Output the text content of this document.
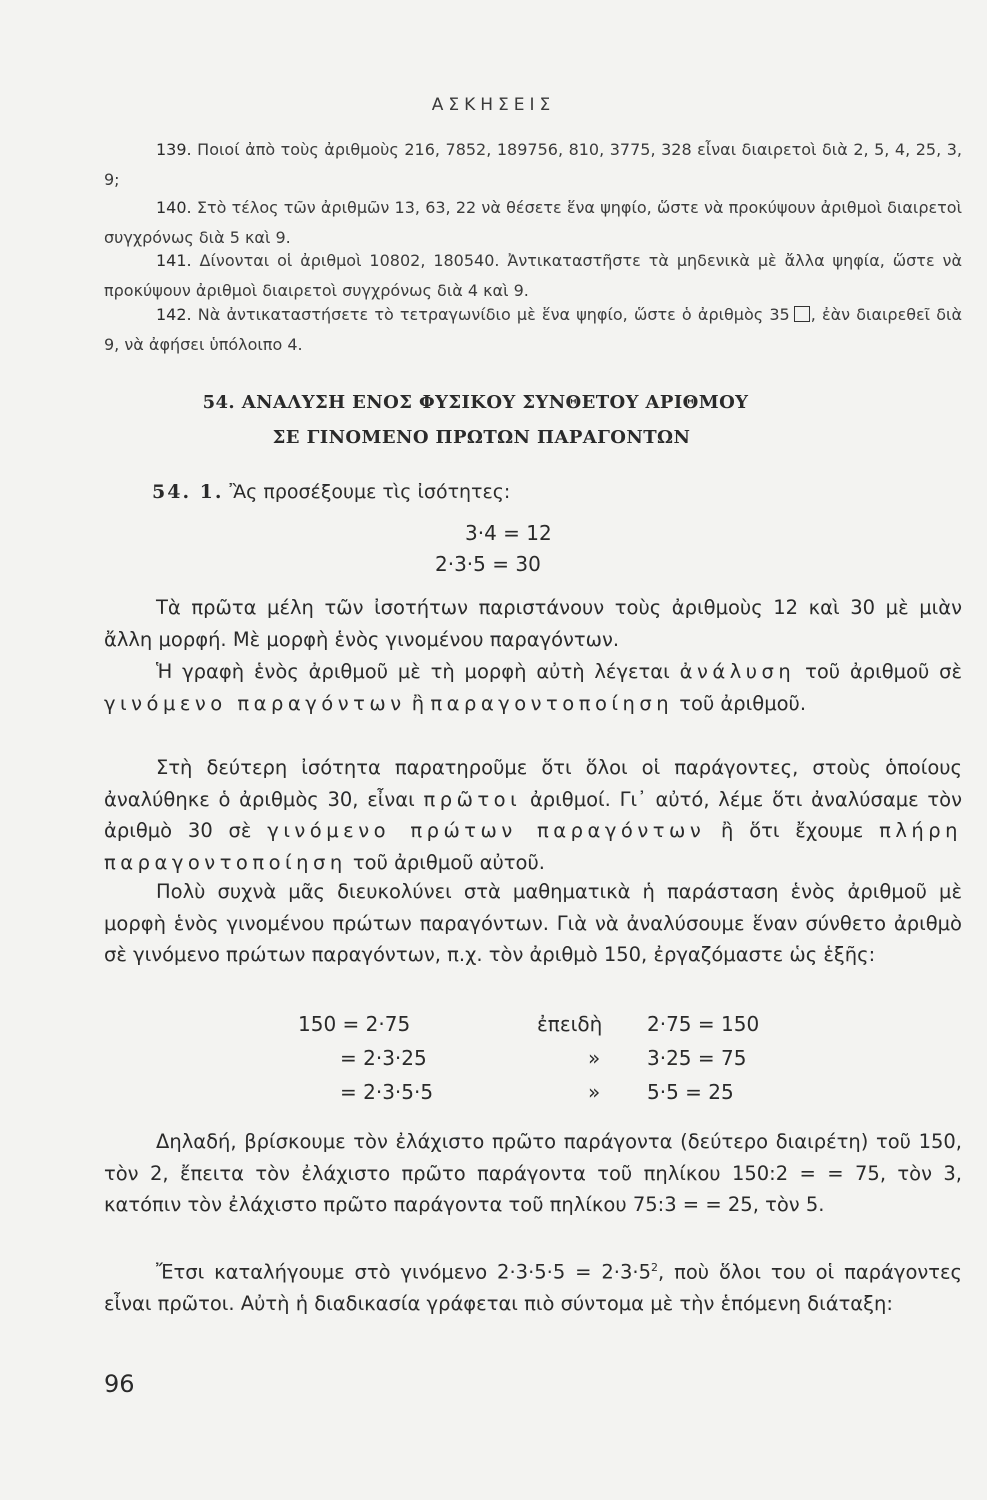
ΑΣΚΗΣΕΙΣ
139. Ποιοί ἀπὸ τοὺς ἀριθμοὺς 216, 7852, 189756, 810, 3775, 328 εἶναι διαιρετοὶ διὰ 2, 5, 4, 25, 3, 9;
140. Στὸ τέλος τῶν ἀριθμῶν 13, 63, 22 νὰ θέσετε ἕνα ψηφίο, ὥστε νὰ προκύψουν ἀριθμοὶ διαιρετοὶ συγχρόνως διὰ 5 καὶ 9.
141. Δίνονται οἱ ἀριθμοὶ 10802, 180540. Ἀντικαταστῆστε τὰ μηδενικὰ μὲ ἄλλα ψηφία, ὥστε νὰ προκύψουν ἀριθμοὶ διαιρετοὶ συγχρόνως διὰ 4 καὶ 9.
142. Νὰ ἀντικαταστήσετε τὸ τετραγωνίδιο μὲ ἕνα ψηφίο, ὥστε ὁ ἀριθμὸς 35 , ἐὰν διαιρεθεῖ διὰ 9, νὰ ἀφήσει ὑπόλοιπο 4.
54. ΑΝΑΛΥΣΗ ΕΝΟΣ ΦΥΣΙΚΟΥ ΣΥΝΘΕΤΟΥ ΑΡΙΘΜΟΥ
ΣΕ ΓΙΝΟΜΕΝΟ ΠΡΩΤΩΝ ΠΑΡΑΓΟΝΤΩΝ
54. 1. Ἂς προσέξουμε τὶς ἰσότητες:
3·4 = 12
2·3·5 = 30
Τὰ πρῶτα μέλη τῶν ἰσοτήτων παριστάνουν τοὺς ἀριθμοὺς 12 καὶ 30 μὲ μιὰν ἄλλη μορφή. Μὲ μορφὴ ἑνὸς γινομένου παραγόντων.
Ἡ γραφὴ ἑνὸς ἀριθμοῦ μὲ τὴ μορφὴ αὐτὴ λέγεται ἀνάλυση τοῦ ἀριθμοῦ σὲ γινόμενο παραγόντων ἢ παραγοντοποίηση τοῦ ἀριθμοῦ.
Στὴ δεύτερη ἰσότητα παρατηροῦμε ὅτι ὅλοι οἱ παράγοντες, στοὺς ὁποίους ἀναλύθηκε ὁ ἀριθμὸς 30, εἶναι πρῶτοι ἀριθμοί. Γι᾽ αὐτό, λέμε ὅτι ἀναλύσαμε τὸν ἀριθμὸ 30 σὲ γινόμενο πρώτων παραγόντων ἢ ὅτι ἔχουμε πλήρη παραγοντοποίηση τοῦ ἀριθμοῦ αὐτοῦ.
Πολὺ συχνὰ μᾶς διευκολύνει στὰ μαθηματικὰ ἡ παράσταση ἑνὸς ἀριθμοῦ μὲ μορφὴ ἑνὸς γινομένου πρώτων παραγόντων. Γιὰ νὰ ἀναλύσουμε ἕναν σύνθετο ἀριθμὸ σὲ γινόμενο πρώτων παραγόντων, π.χ. τὸν ἀριθμὸ 150, ἐργαζόμαστε ὡς ἑξῆς:
150 = 2·75
= 2·3·25
= 2·3·5·5
ἐπειδὴ
»
»
2·75 = 150
3·25 = 75
5·5 = 25
Δηλαδή, βρίσκουμε τὸν ἐλάχιστο πρῶτο παράγοντα (δεύτερο διαιρέτη) τοῦ 150, τὸν 2, ἔπειτα τὸν ἐλάχιστο πρῶτο παράγοντα τοῦ πηλίκου 150:2 = = 75, τὸν 3, κατόπιν τὸν ἐλάχιστο πρῶτο παράγοντα τοῦ πηλίκου 75:3 = = 25, τὸν 5.
Ἔτσι καταλήγουμε στὸ γινόμενο $2\cdot 3\cdot 5\cdot 5 = 2\cdot 3\cdot 5^2$, ποὺ ὅλοι του οἱ παράγοντες εἶναι πρῶτοι. Αὐτὴ ἡ διαδικασία γράφεται πιὸ σύντομα μὲ τὴν ἑπόμενη διάταξη:
96
